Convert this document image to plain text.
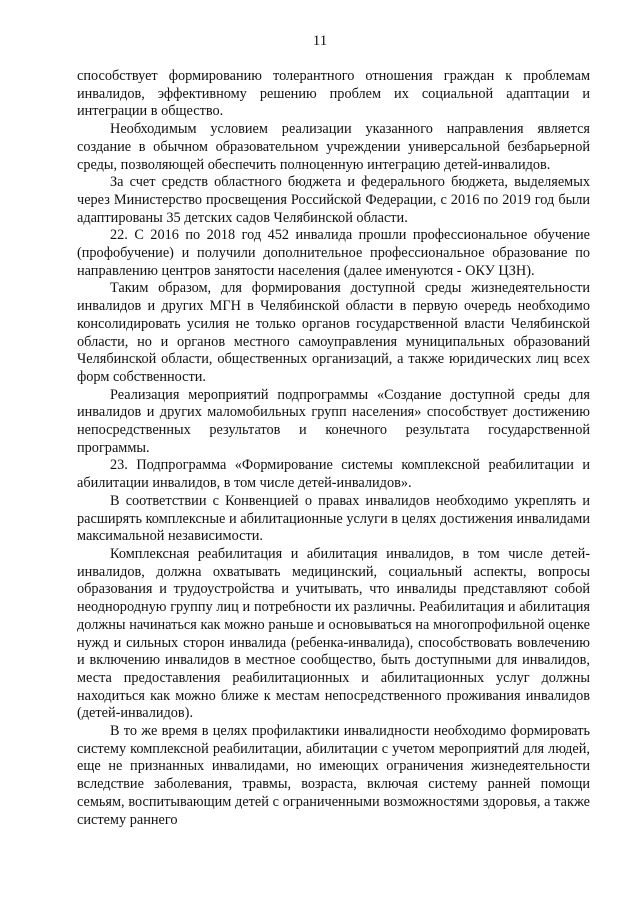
11

способствует формированию толерантного отношения граждан к проблемам инвалидов, эффективному решению проблем их социальной адаптации и интеграции в общество.

Необходимым условием реализации указанного направления является создание в обычном образовательном учреждении универсальной безбарьерной среды, позволяющей обеспечить полноценную интеграцию детей-инвалидов.

За счет средств областного бюджета и федерального бюджета, выделяемых через Министерство просвещения Российской Федерации, с 2016 по 2019 год были адаптированы 35 детских садов Челябинской области.

22. С 2016 по 2018 год 452 инвалида прошли профессиональное обучение (профобучение) и получили дополнительное профессиональное образование по направлению центров занятости населения (далее именуются - ОКУ ЦЗН).

Таким образом, для формирования доступной среды жизнедеятельности инвалидов и других МГН в Челябинской области в первую очередь необходимо консолидировать усилия не только органов государственной власти Челябинской области, но и органов местного самоуправления муниципальных образований Челябинской области, общественных организаций, а также юридических лиц всех форм собственности.

Реализация мероприятий подпрограммы «Создание доступной среды для инвалидов и других маломобильных групп населения» способствует достижению непосредственных результатов и конечного результата государственной программы.

23. Подпрограмма «Формирование системы комплексной реабилитации и абилитации инвалидов, в том числе детей-инвалидов».

В соответствии с Конвенцией о правах инвалидов необходимо укреплять и расширять комплексные и абилитационные услуги в целях достижения инвалидами максимальной независимости.

Комплексная реабилитация и абилитация инвалидов, в том числе детей-инвалидов, должна охватывать медицинский, социальный аспекты, вопросы образования и трудоустройства и учитывать, что инвалиды представляют собой неоднородную группу лиц и потребности их различны. Реабилитация и абилитация должны начинаться как можно раньше и основываться на многопрофильной оценке нужд и сильных сторон инвалида (ребенка-инвалида), способствовать вовлечению и включению инвалидов в местное сообщество, быть доступными для инвалидов, места предоставления реабилитационных и абилитационных услуг должны находиться как можно ближе к местам непосредственного проживания инвалидов (детей-инвалидов).

В то же время в целях профилактики инвалидности необходимо формировать систему комплексной реабилитации, абилитации с учетом мероприятий для людей, еще не признанных инвалидами, но имеющих ограничения жизнедеятельности вследствие заболевания, травмы, возраста, включая систему ранней помощи семьям, воспитывающим детей с ограниченными возможностями здоровья, а также систему раннего
